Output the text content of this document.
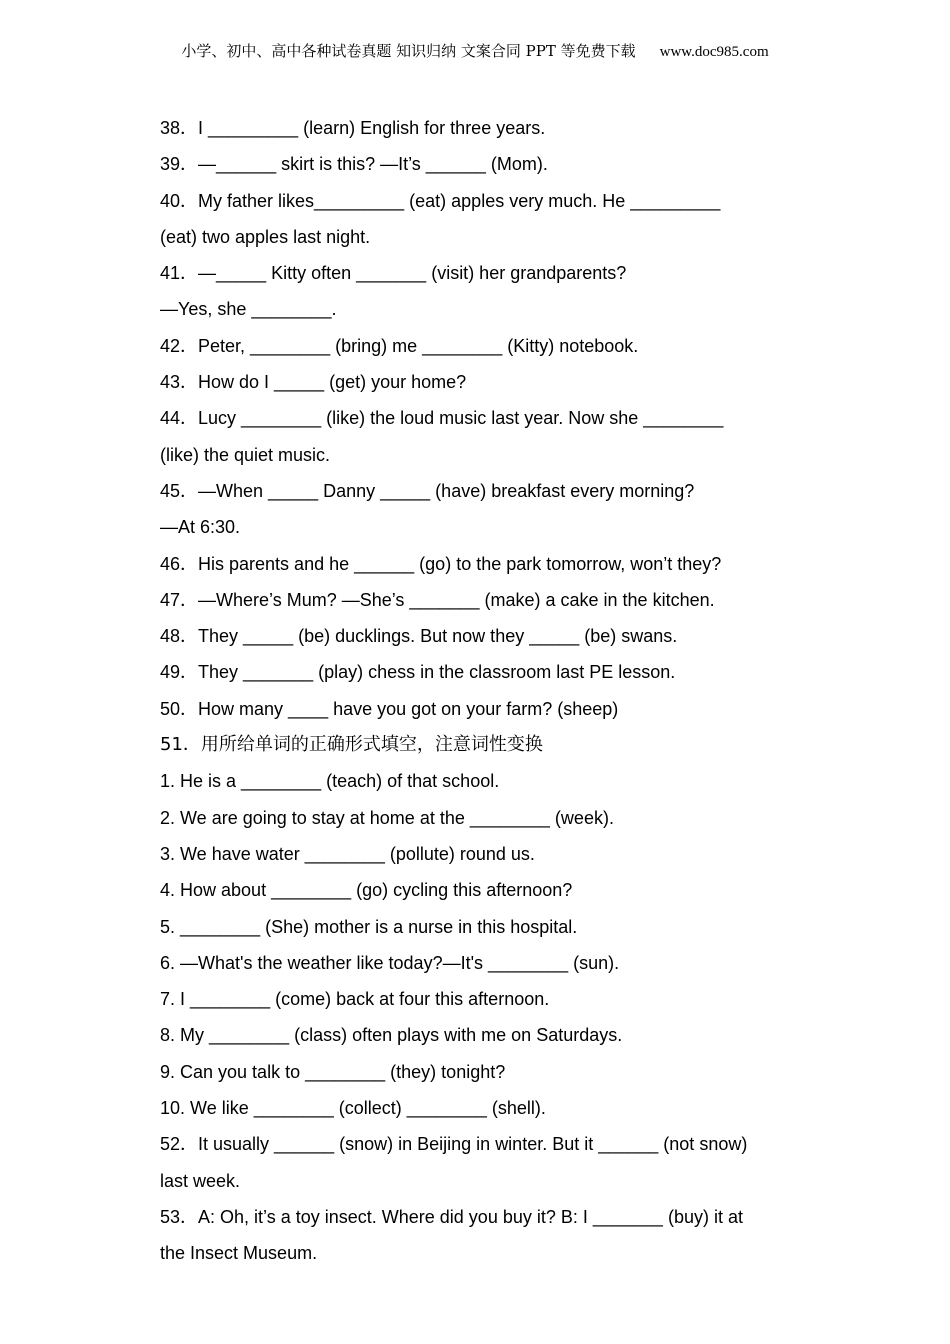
小学、初中、高中各种试卷真题 知识归纳 文案合同 PPT 等免费下载 www.doc985.com
38．I _________ (learn) English for three years.
39．—______ skirt is this? —It’s ______ (Mom).
40．My father likes_________ (eat) apples very much. He _________
(eat) two apples last night.
41．—_____ Kitty often _______ (visit) her grandparents?
—Yes, she ________.
42．Peter, ________ (bring) me ________ (Kitty) notebook.
43．How do I _____ (get) your home?
44．Lucy ________ (like) the loud music last year. Now she ________
(like) the quiet music.
45．—When _____ Danny _____ (have) breakfast every morning?
—At 6:30.
46．His parents and he ______ (go) to the park tomorrow, won’t they?
47．—Where’s Mum? —She’s _______ (make) a cake in the kitchen.
48．They _____ (be) ducklings. But now they _____ (be) swans.
49．They _______ (play) chess in the classroom last PE lesson.
50．How many ____ have you got on your farm? (sheep)
51．用所给单词的正确形式填空，注意词性变换
1. He is a ________ (teach) of that school.
2. We are going to stay at home at the ________ (week).
3. We have water ________ (pollute) round us.
4. How about ________ (go) cycling this afternoon?
5. ________ (She) mother is a nurse in this hospital.
6. —What's the weather like today?—It's ________ (sun).
7. I ________ (come) back at four this afternoon.
8. My ________ (class) often plays with me on Saturdays.
9. Can you talk to ________ (they) tonight?
10. We like ________ (collect) ________ (shell).
52．It usually ______ (snow) in Beijing in winter. But it ______ (not snow)
last week.
53．A: Oh, it’s a toy insect. Where did you buy it? B: I _______ (buy) it at
the Insect Museum.
